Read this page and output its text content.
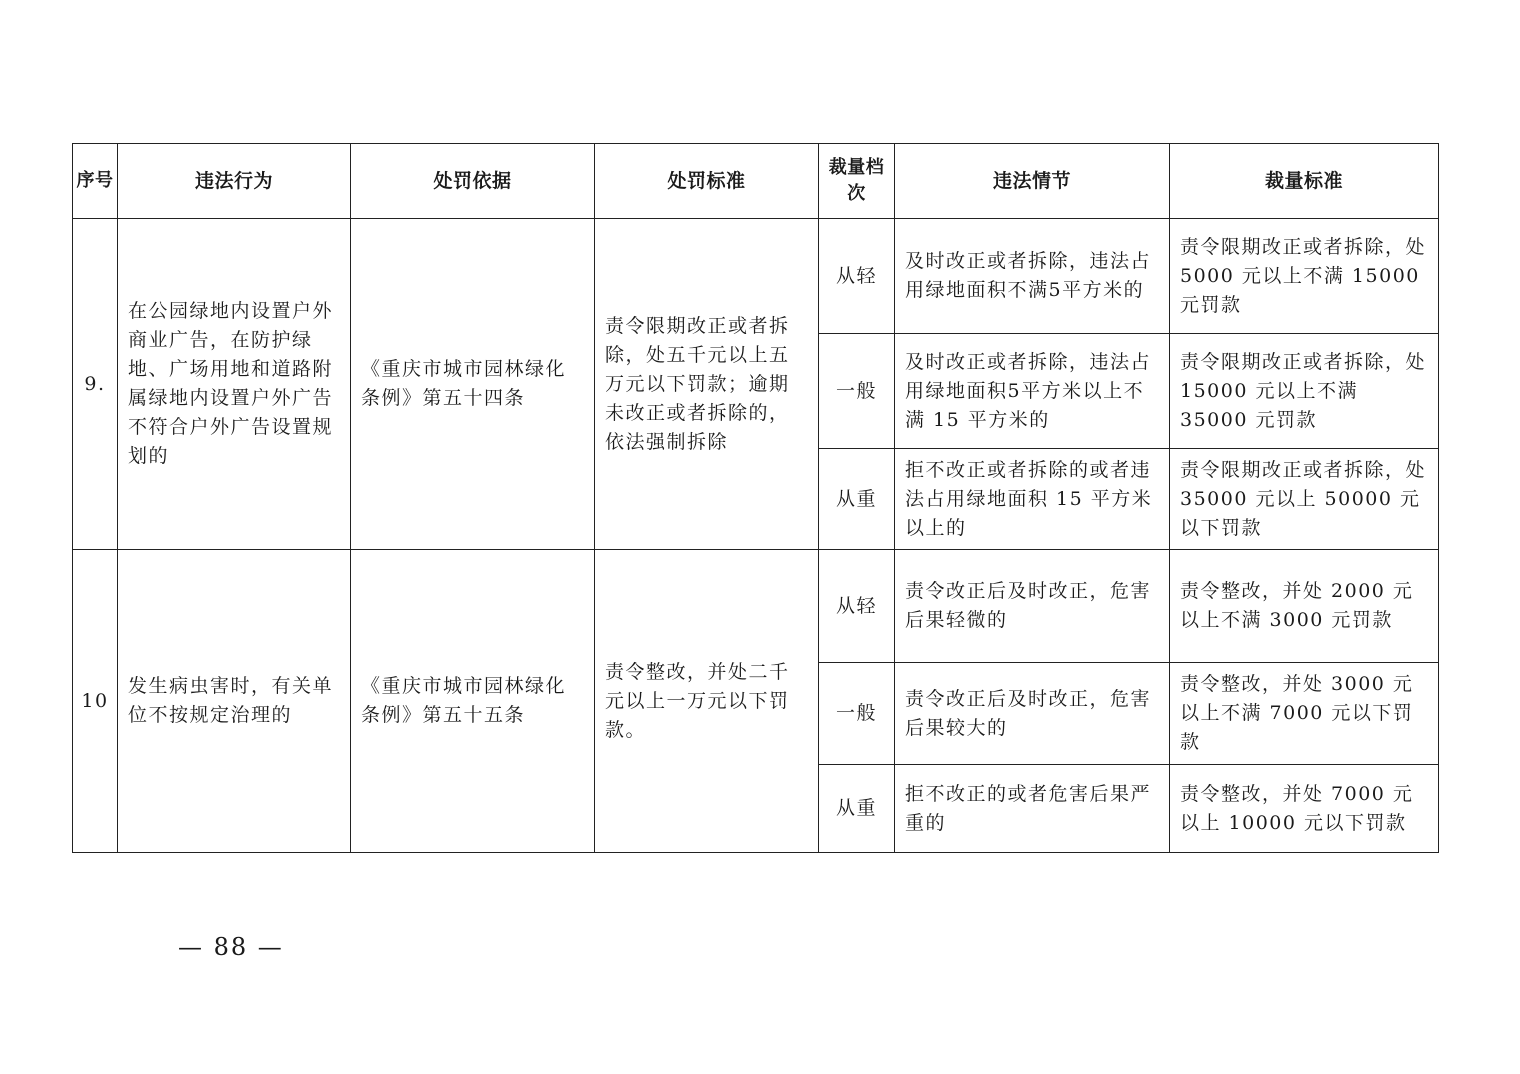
序号	违法行为	处罚依据	处罚标准	裁量档次	违法情节	裁量标准
9.	在公园绿地内设置户外商业广告，在防护绿地、广场用地和道路附属绿地内设置户外广告不符合户外广告设置规划的	《重庆市城市园林绿化条例》第五十四条	责令限期改正或者拆除，处五千元以上五万元以下罚款；逾期未改正或者拆除的，依法强制拆除	从轻	及时改正或者拆除，违法占用绿地面积不满5平方米的	责令限期改正或者拆除，处 5000 元以上不满 15000 元罚款
				一般	及时改正或者拆除，违法占用绿地面积5平方米以上不满 15 平方米的	责令限期改正或者拆除，处 15000 元以上不满 35000 元罚款
				从重	拒不改正或者拆除的或者违法占用绿地面积 15 平方米以上的	责令限期改正或者拆除，处 35000 元以上 50000 元以下罚款
10	发生病虫害时，有关单位不按规定治理的	《重庆市城市园林绿化条例》第五十五条	责令整改，并处二千元以上一万元以下罚款。	从轻	责令改正后及时改正，危害后果轻微的	责令整改，并处 2000 元以上不满 3000 元罚款
				一般	责令改正后及时改正，危害后果较大的	责令整改，并处 3000 元以上不满 7000 元以下罚款
				从重	拒不改正的或者危害后果严重的	责令整改，并处 7000 元以上 10000 元以下罚款
— 88 —
